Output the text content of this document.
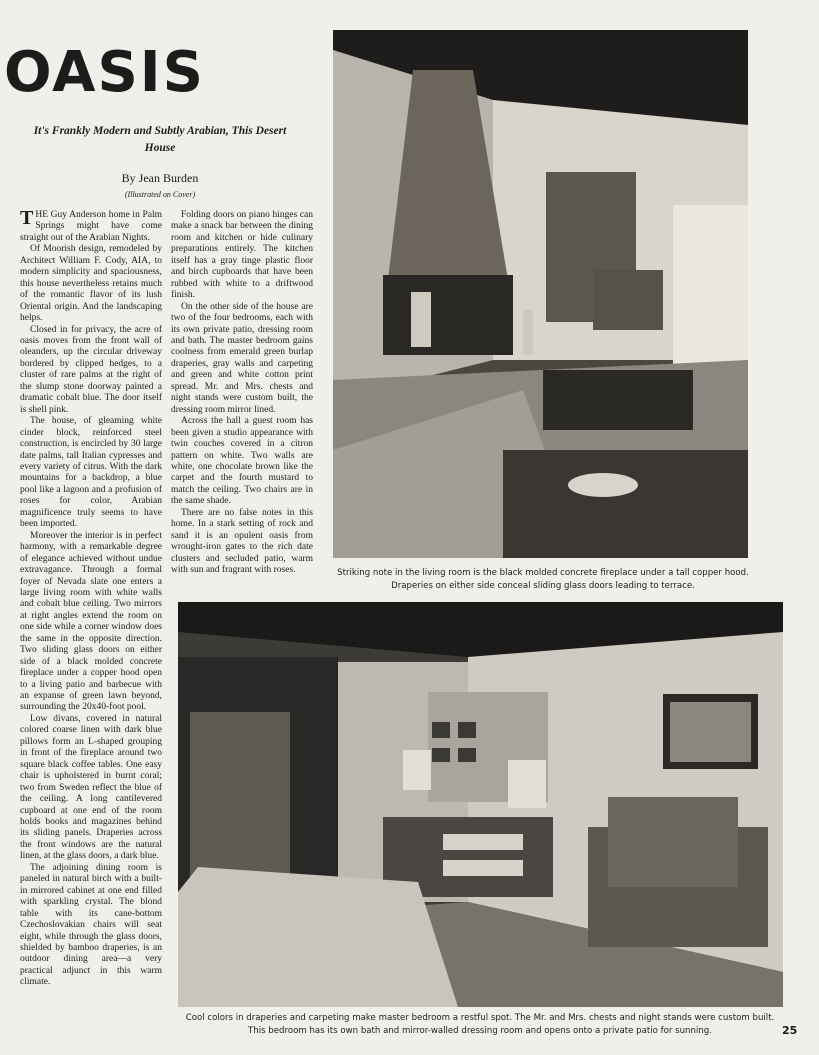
OASIS
It's Frankly Modern and Subtly Arabian, This Desert House
By Jean Burden
(Illustrated on Cover)

THE Guy Anderson home in Palm Springs might have come straight out of the Arabian Nights.

Of Moorish design, remodeled by Architect William F. Cody, AIA, to modern simplicity and spaciousness, this house nevertheless retains much of the romantic flavor of its lush Oriental origin. And the landscaping helps.

Closed in for privacy, the acre of oasis moves from the front wall of oleanders, up the circular driveway bordered by clipped hedges, to a cluster of rare palms at the right of the slump stone doorway painted a dramatic cobalt blue. The door itself is shell pink.

The house, of gleaming white cinder block, reinforced steel construction, is encircled by 30 large date palms, tall Italian cypresses and every variety of citrus. With the dark mountains for a backdrop, a blue pool like a lagoon and a profusion of roses for color, Arabian magnificence truly seems to have been imported.

Moreover the interior is in perfect harmony, with a remarkable degree of elegance achieved without undue extravagance. Through a formal foyer of Nevada slate one enters a large living room with white walls and cobalt blue ceiling. Two mirrors at right angles extend the room on one side while a corner window does the same in the opposite direction. Two sliding glass doors on either side of a black molded concrete fireplace under a copper hood open to a living patio and barbecue with an expanse of green lawn beyond, surrounding the 20x40-foot pool.

Low divans, covered in natural colored coarse linen with dark blue pillows form an L-shaped grouping in front of the fireplace around two square black coffee tables. One easy chair is upholstered in burnt coral; two from Sweden reflect the blue of the ceiling. A long cantilevered cupboard at one end of the room holds books and magazines behind its sliding panels. Draperies across the front windows are the natural linen, at the glass doors, a dark blue.

The adjoining dining room is paneled in natural birch with a built-in mirrored cabinet at one end filled with sparkling crystal. The blond table with its cane-bottom Czechoslovakian chairs will seat eight, while through the glass doors, shielded by bamboo draperies, is an outdoor dining area—a very practical adjunct in this warm climate.

Folding doors on piano hinges can make a snack bar between the dining room and kitchen or hide culinary preparations entirely. The kitchen itself has a gray tinge plastic floor and birch cupboards that have been rubbed with white to a driftwood finish.

On the other side of the house are two of the four bedrooms, each with its own private patio, dressing room and bath. The master bedroom gains coolness from emerald green burlap draperies, gray walls and carpeting and green and white cotton print spread. Mr. and Mrs. chests and night stands were custom built, the dressing room mirror lined.

Across the hall a guest room has been given a studio appearance with twin couches covered in a citron pattern on white. Two walls are white, one chocolate brown like the carpet and the fourth mustard to match the ceiling. Two chairs are in the same shade.

There are no false notes in this home. In a stark setting of rock and sand it is an opulent oasis from wrought-iron gates to the rich date clusters and secluded patio, warm with sun and fragrant with roses.	Striking note in the living room is the black molded concrete fireplace under a tall copper hood. Draperies on either side conceal sliding glass doors leading to terrace.
Cool colors in draperies and carpeting make master bedroom a restful spot. The Mr. and Mrs. chests and night stands were custom built. This bedroom has its own bath and mirror-walled dressing room and opens onto a private patio for sunning.	25
